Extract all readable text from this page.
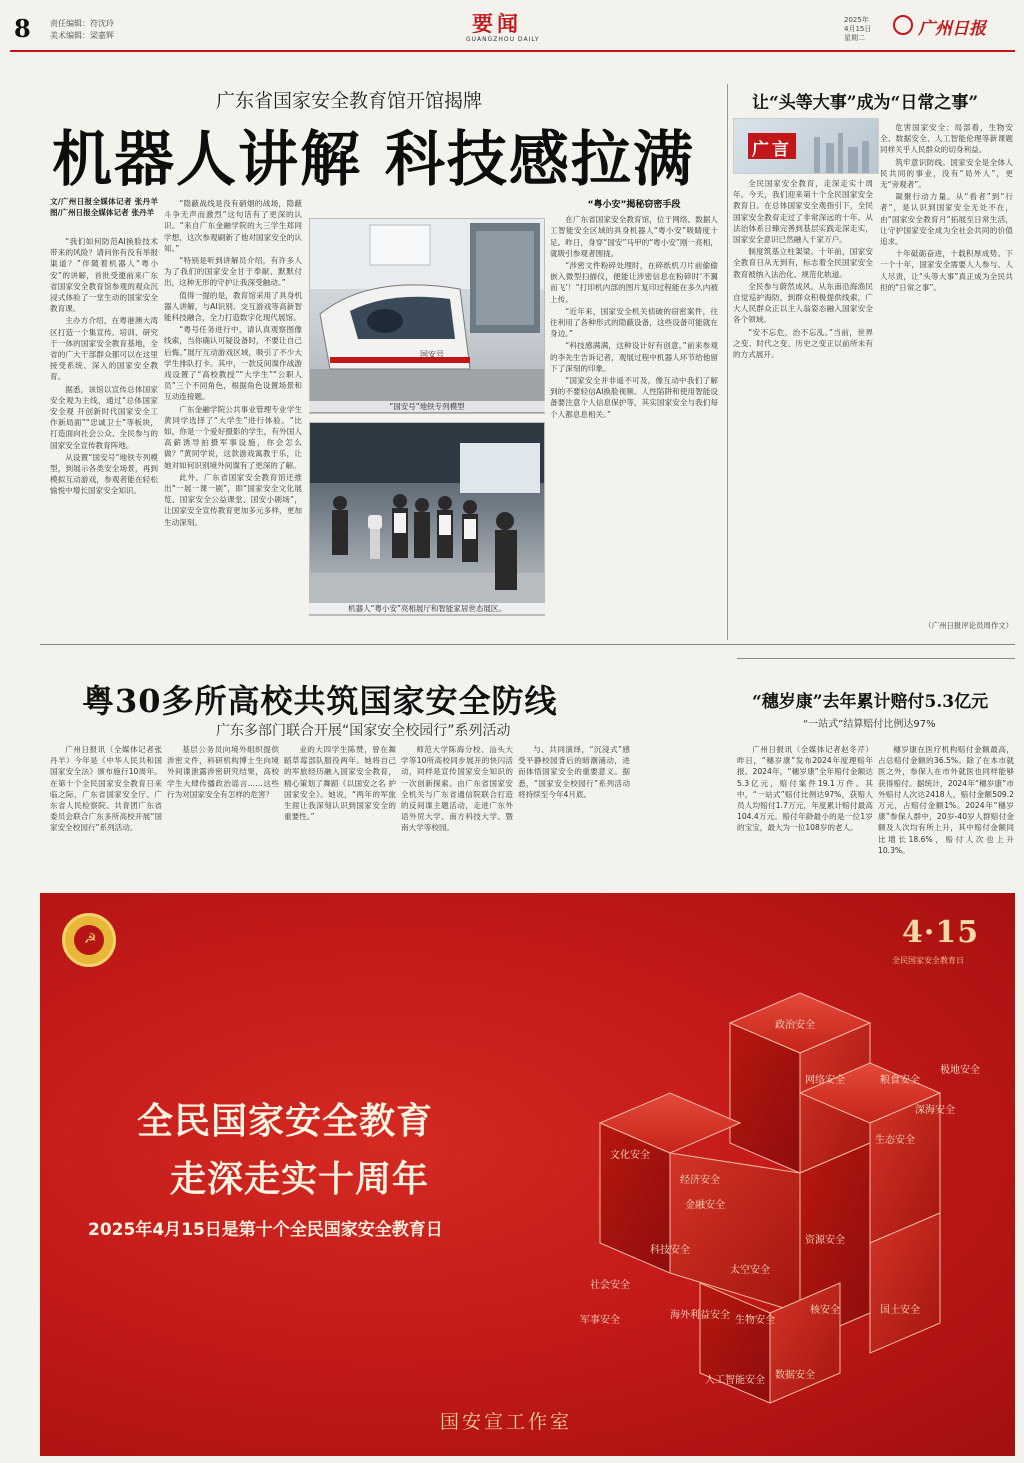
8 责任编辑：符沈玲
美术编辑：梁嘉辉	要闻
GUANGZHOU DAILY
2025年
4月15日
星期二	广州日报
广东省国家安全教育馆开馆揭牌
机器人讲解 科技感拉满
文/广州日报全媒体记者 张丹羊 图/广州日报全媒体记者 张丹羊

“我们如何防范AI换脸技术带来的风险？请问你有没有举报渠道？”伴随着机器人“粤小安”的讲解，首批受邀前来广东省国家安全教育馆参观的观众沉浸式体验了一堂生动的国家安全教育课。

主办方介绍，在粤港澳大湾区打造一个集宣传、培训、研究于一体的国家安全教育基地，全省的广大干部群众都可以在这里接受系统、深入的国家安全教育。

据悉，该馆以宣传总体国家安全观为主线，通过“总体国家安全观 开创新时代国家安全工作新局面”“忠诚卫士”等板块，打造面向社会公众、全民参与的国家安全宣传教育阵地。

从设置“国安号”地铁专列模型，到展示各类安全场景，再到模拟互动游戏，参观者能在轻松愉悦中增长国家安全知识。

“隐蔽战线是没有硝烟的战场，隐蔽斗争无声而激烈”这句话有了更深的认识。“来自广东金融学院的大三学生郑同学想，这次参观刷新了他对国家安全的认知。”

“特别是听到讲解员介绍，有许多人为了我们的国家安全甘于奉献、默默付出，这种无形的守护让我深受触动。”

值得一提的是，教育馆采用了具身机器人讲解，与AI识别、交互游戏等高新智能科技融合，全力打造数字化现代展馆。

“粤号任务进行中，请认真观察图像线索，当你确认可疑设备时，不要让自己后悔。”展厅互动游戏区域，吸引了不少大学生排队打卡。其中，一款反间谍作战游戏设置了“高校教授”“大学生”“公职人员”三个不同角色，根据角色设置场景和互动连接题。

广东金融学院公共事业管理专业学生黄同学选择了“大学生”进行体验。“比如，你是一个爱好摄影的学生，有外国人高薪诱导拍摄军事设施，你会怎么做？”黄同学说，这款游戏寓教于乐，让她对如何识别境外间谍有了更深的了解。

此外，广东省国家安全教育馆还推出“一展一课一剧”，即“国家安全文化展览、国家安全公益课堂、国安小剧场”，让国家安全宣传教育更加多元多样，更加生动深刻。

国安号
“国安号”地铁专列模型
机器人“粤小安”亮相展厅和智能家居世态展区。
“粤小安”揭秘窃密手段

在广东省国家安全教育馆，位于网络、数据人工智能安全区域的具身机器人“粤小安”吸睛度十足。昨日，身穿“国安”马甲的“粤小安”刚一亮相，就吸引参观者围拢。

“涉密文件粉碎处理时，在碎纸机刀片前偷偷嵌入微型扫描仪，便能让涉密信息在粉碎时‘不翼而飞’！”打印机内部的图片复印过程能在多久内被上传。

“近年来，国家安全机关侦破的窃密案件，往往利用了各种形式的隐蔽设备，这些设备可能就在身边。”

“科技感满满，这种设计好有创意。”前来参观的李先生告诉记者，观展过程中机器人环节给他留下了深刻的印象。

“国家安全并非遥不可及，像互动中我们了解到的不要轻信AI换脸视频、人性陷阱和使用智能设备要注意个人信息保护等，其实国家安全与我们每个人都息息相关。”

让“头等大事”成为“日常之事”
广言

全民国家安全教育，走深走实十周年。今天，我们迎来第十个全民国家安全教育日。在总体国家安全观指引下，全民国家安全教育走过了非常深远的十年。从法治体系日臻完善到基层实践走深走实，国家安全意识已然融入千家万户。

制度筑基立柱架梁。十年前，国家安全教育日从无到有，标志着全民国家安全教育被纳入法治化、规范化轨道。

全民参与蔚然成风。从东南沿海渔民自觉巡护海防，到群众积极提供线索，广大人民群众正以主人翁姿态融入国家安全各个领域。

“安不忘危，治不忘乱。”当前，世界之变、时代之变、历史之变正以前所未有的方式展开。

危害国家安全；局部看，生物安全、数据安全、人工智能伦理等新课题同样关乎人民群众的切身利益。

筑牢意识防线。国家安全是全体人民共同的事业，没有“局外人”，更无“旁观者”。

凝聚行动力量。从“看者”到“行者”，是认识到国家安全无处不在，由“国家安全教育月”拓展至日常生活，让守护国家安全成为全社会共同的价值追求。

十年砥砺奋进，十载积厚成势。下一个十年，国家安全需要人人参与、人人尽责，让“头等大事”真正成为全民共担的“日常之事”。

（广州日报评论员周作文）
粤30多所高校共筑国家安全防线
广东多部门联合开展“国家安全校园行”系列活动
广州日报讯（全媒体记者张丹羊）今年是《中华人民共和国国家安全法》颁布施行10周年。在第十个全民国家安全教育日来临之际，广东省国家安全厅、广东省人民检察院、共青团广东省委员会联合广东多所高校开展“国家安全校园行”系列活动。
基层公务员向境外组织提供涉密文件，科研机构博士生向境外间谍泄露涉密研究结果，高校学生大肆传播政治谣言……这些行为对国家安全有怎样的危害？
业的大四学生陈赞，曾在舞蹈草莓部队服役两年。她将自己的军旅经历融入国家安全教育，精心策划了舞蹈《以国安之名 护国家安全》。她说，“两年的军旅生涯让我深刻认识到国家安全的重要性。”
师范大学陈海分校、汕头大学等10所高校同步展开的快闪活动，同样是宣传国家安全知识的一次创新探索。由广东省国家安全机关与广东省通信院联合打造的反间谍主题活动，走进广东外语外贸大学、南方科技大学、暨南大学等校园。
与、共同演绎，“沉浸式”感受平静校园背后的暗潮涌动，进而体悟国家安全的重要意义。据悉，“国家安全校园行”系列活动将持续至今年4月底。
“穗岁康”去年累计赔付5.3亿元
“一站式”结算赔付比例达97%
广州日报讯（全媒体记者赵冬芹）昨日，“穗岁康”发布2024年度理赔年报。2024年，“穗岁康”全年赔付金额达5.3亿元，赔付案件19.1万件。其中，“一站式”赔付比例达97%，获赔人员人均赔付1.7万元，年度累计赔付最高104.4万元。赔付年龄最小的是一位1岁的宝宝，最大为一位108岁的老人。
穗岁康在医疗机构赔付金额最高，占总赔付金额的36.5%。除了在本市就医之外，参保人在市外就医也同样能够获得赔付。据统计，2024年“穗岁康”市外赔付人次达2418人，赔付金额509.2万元，占赔付金额1%。2024年“穗岁康”参保人群中，20岁-40岁人群赔付金额及人次均有所上升，其中赔付金额同比增长18.6%，赔付人次也上升10.3%。
☭	4·15
全民国家安全教育日
全民国家安全教育
走深走实十周年
2025年4月15日是第十个全民国家安全教育日
政治安全
文化安全
经济安全
金融安全
军事安全
社会安全
科技安全
网络安全	粮食安全
生态安全
资源安全
核安全
海外利益安全
太空安全
深海安全
极地安全
生物安全
人工智能安全 数据安全
国土安全
国安宣工作室
